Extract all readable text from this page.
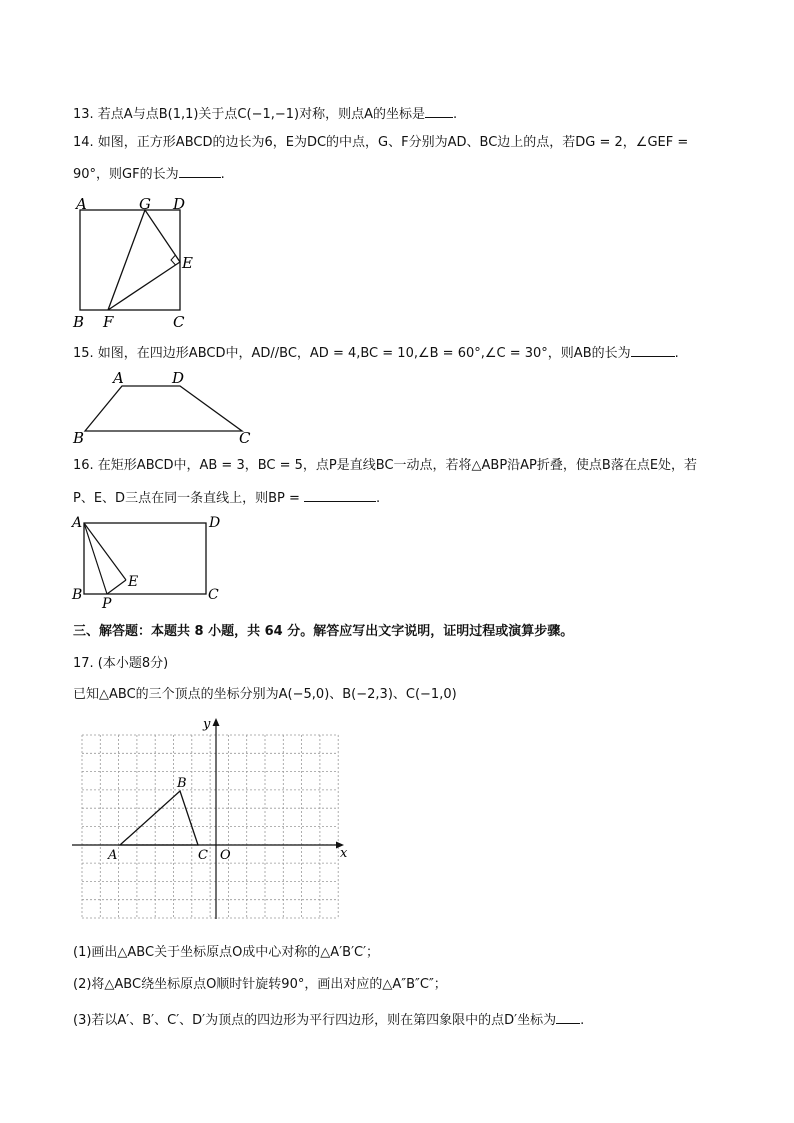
13. 若点A与点B(1,1)关于点C(−1,−1)对称，则点A的坐标是 .
14. 如图，正方形ABCD的边长为6，E为DC的中点，G、F分别为AD、BC边上的点，若DG = 2，∠GEF =
90°，则GF的长为	.
A	G D
E
B F	C
15. 如图，在四边形ABCD中，AD//BC，AD = 4,BC = 10,∠B = 60°,∠C = 30°，则AB的长为	.
A	D
B	C
16. 在矩形ABCD中，AB = 3，BC = 5，点P是直线BC一动点，若将△ABP沿AP折叠，使点B落在点E处，若
P、E、D三点在同一条直线上，则BP =	.
A	D
E
B
P
C
三、解答题：本题共 8 小题，共 64 分。解答应写出文字说明，证明过程或演算步骤。
17. (本小题8分)
已知△ABC的三个顶点的坐标分别为A(−5,0)、B(−2,3)、C(−1,0)
x
y
O
A
B
C
(1)画出△ABC关于坐标原点O成中心对称的△A′B′C′；
(2)将△ABC绕坐标原点O顺时针旋转90°，画出对应的△A″B″C″；
(3)若以A′、B′、C′、D′为顶点的四边形为平行四边形，则在第四象限中的点D′坐标为 .
